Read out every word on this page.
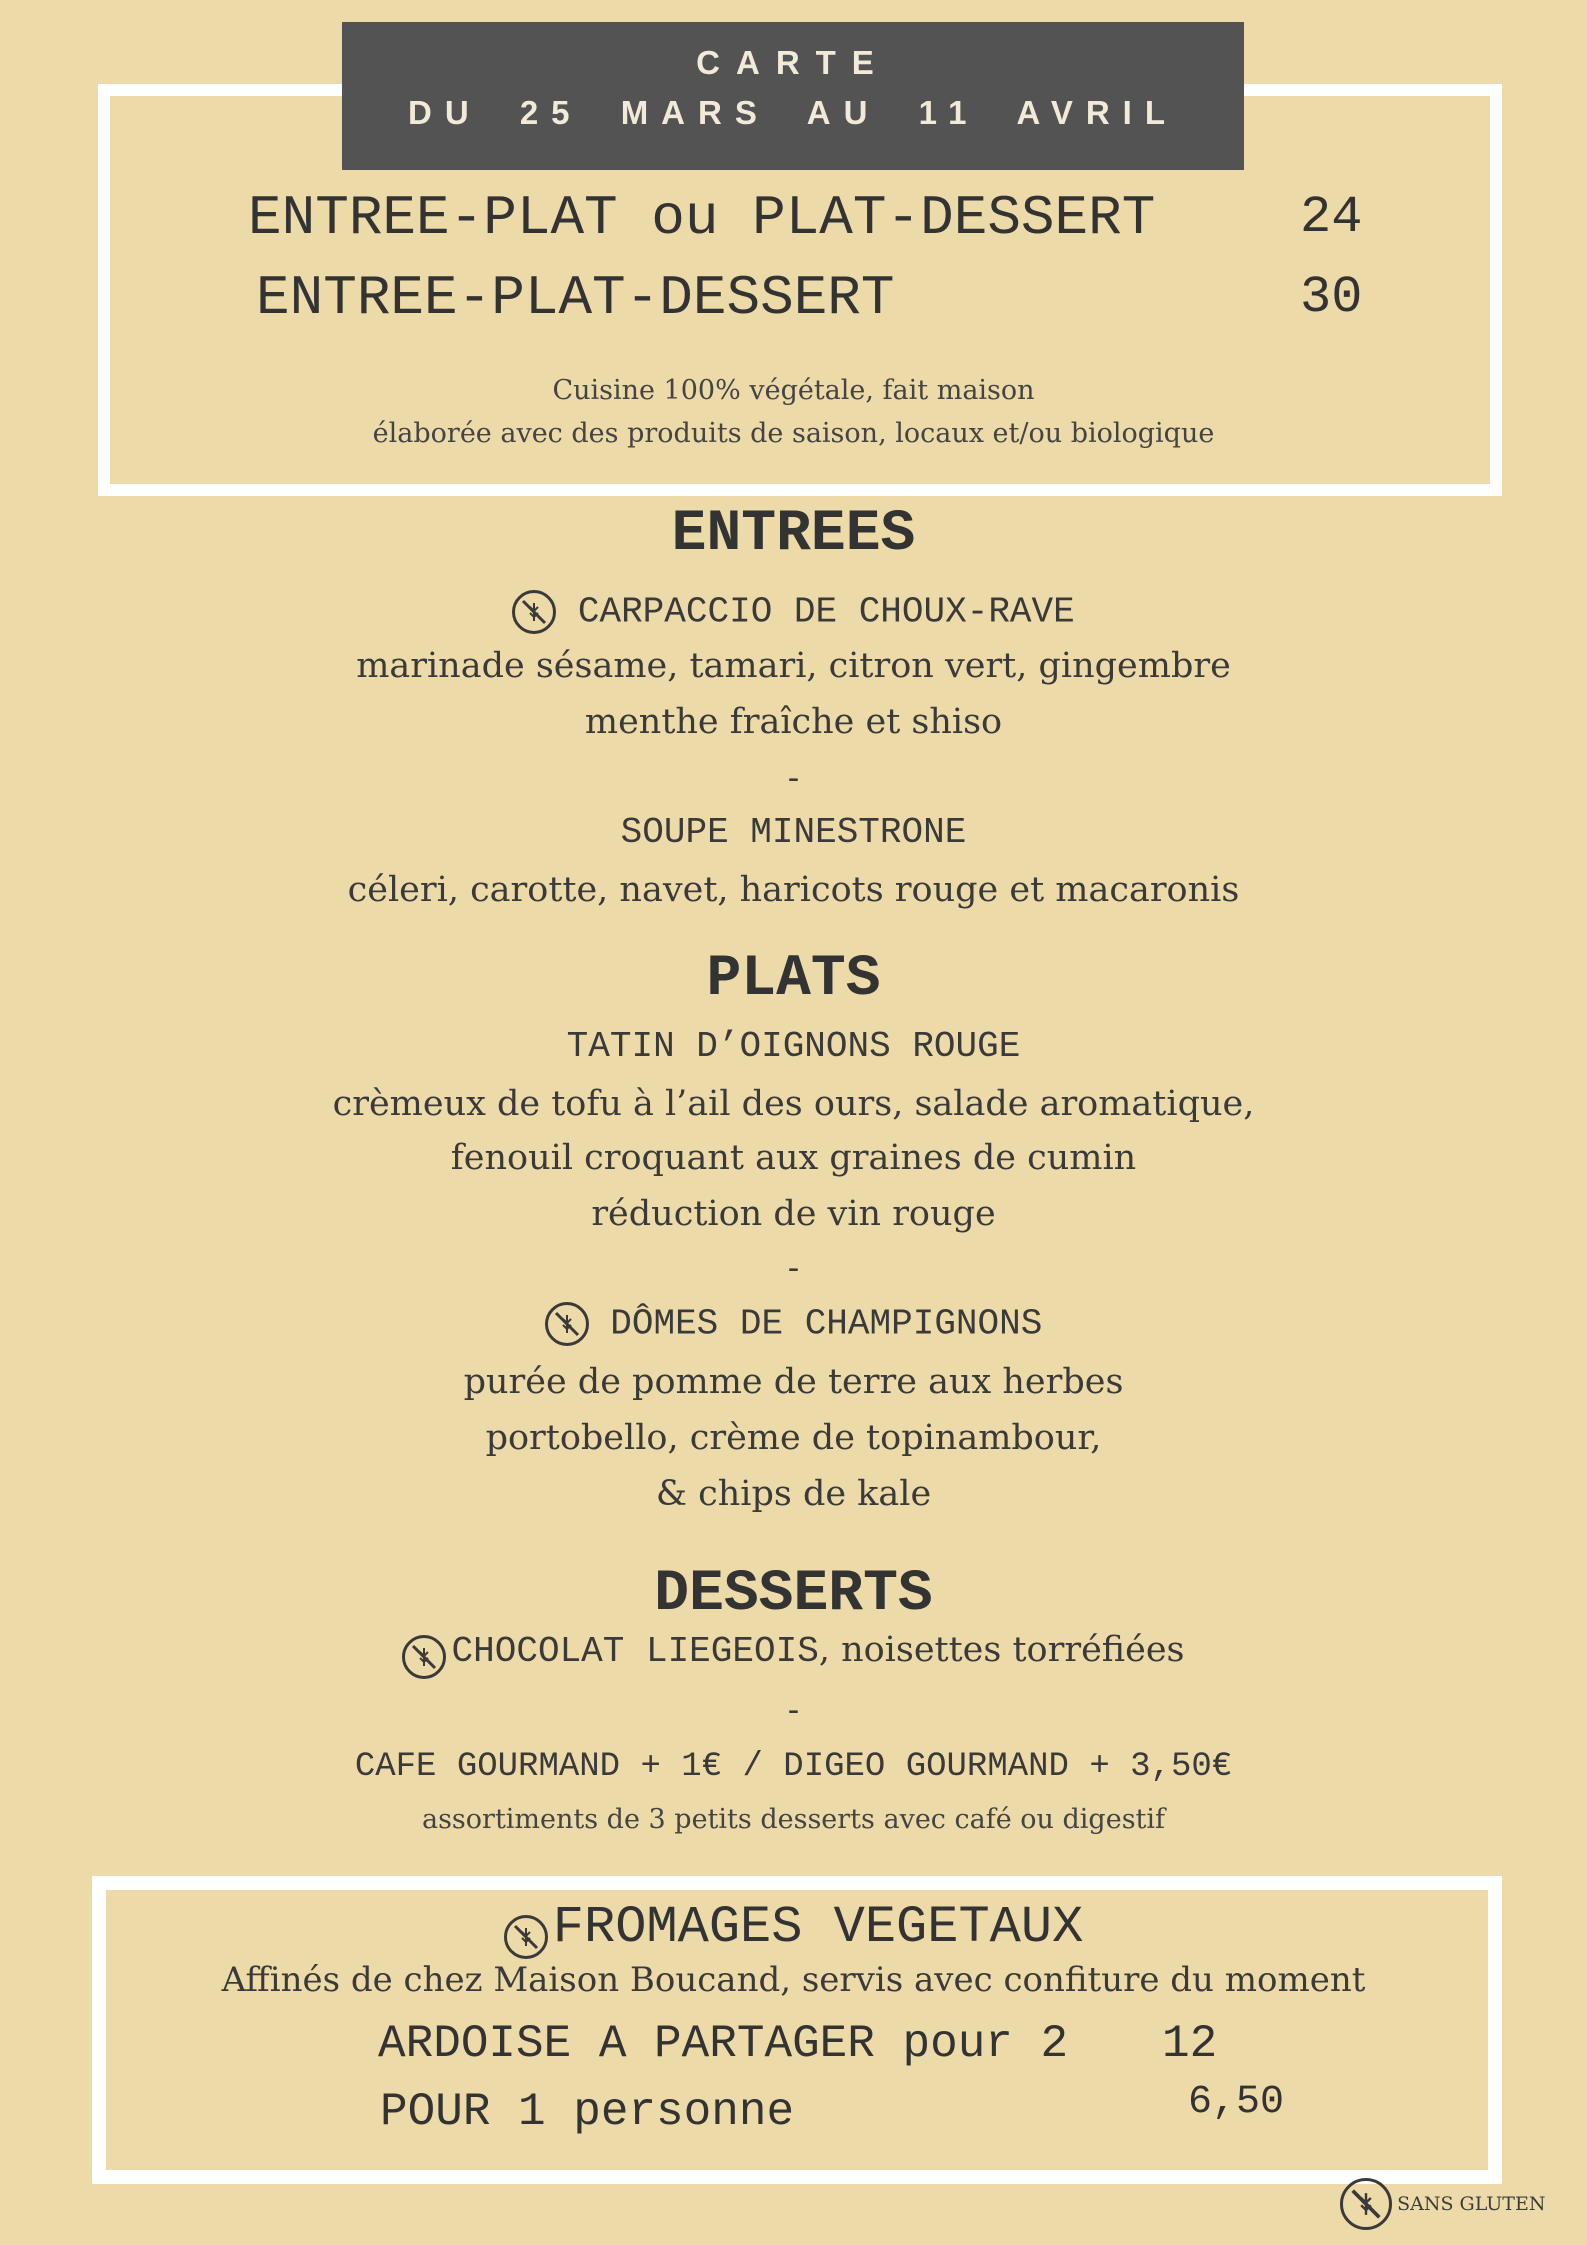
CARTE
DU 25 MARS AU 11 AVRIL
ENTREE-PLAT ou PLAT-DESSERT	24
ENTREE-PLAT-DESSERT	30
Cuisine 100% végétale, fait maison
élaborée avec des produits de saison, locaux et/ou biologique
ENTREES
CARPACCIO DE CHOUX-RAVE
marinade sésame, tamari, citron vert, gingembre
menthe fraîche et shiso
-
SOUPE MINESTRONE
céleri, carotte, navet, haricots rouge et macaronis
PLATS
TATIN D’OIGNONS ROUGE
crèmeux de tofu à l’ail des ours, salade aromatique,
fenouil croquant aux graines de cumin
réduction de vin rouge
-
DÔMES DE CHAMPIGNONS
purée de pomme de terre aux herbes
portobello, crème de topinambour,
& chips de kale
DESSERTS
CHOCOLAT LIEGEOIS, noisettes torréfiées
-
CAFE GOURMAND + 1€ / DIGEO GOURMAND + 3,50€
assortiments de 3 petits desserts avec café ou digestif
FROMAGES VEGETAUX
Affinés de chez Maison Boucand, servis avec confiture du moment
ARDOISE A PARTAGER pour 2 12
POUR 1 personne	6,50
SANS GLUTEN
